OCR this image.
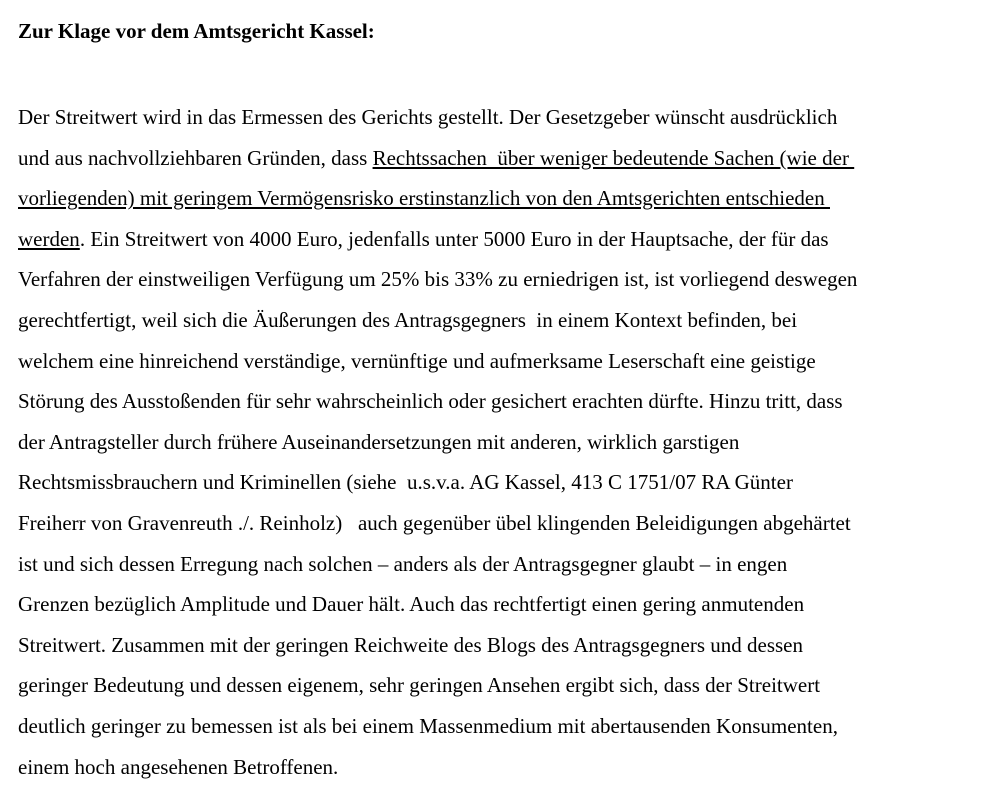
Zur Klage vor dem Amtsgericht Kassel:
Der Streitwert wird in das Ermessen des Gerichts gestellt. Der Gesetzgeber wünscht ausdrücklich
und aus nachvollziehbaren Gründen, dass Rechtssachen  über weniger bedeutende Sachen (wie der
vorliegenden) mit geringem Vermögensrisko erstinstanzlich von den Amtsgerichten entschieden
werden. Ein Streitwert von 4000 Euro, jedenfalls unter 5000 Euro in der Hauptsache, der für das
Verfahren der einstweiligen Verfügung um 25% bis 33% zu erniedrigen ist, ist vorliegend deswegen
gerechtfertigt, weil sich die Äußerungen des Antragsgegners  in einem Kontext befinden, bei
welchem eine hinreichend verständige, vernünftige und aufmerksame Leserschaft eine geistige
Störung des Ausstoßenden für sehr wahrscheinlich oder gesichert erachten dürfte. Hinzu tritt, dass
der Antragsteller durch frühere Auseinandersetzungen mit anderen, wirklich garstigen
Rechtsmissbrauchern und Kriminellen (siehe  u.s.v.a. AG Kassel, 413 C 1751/07 RA Günter
Freiherr von Gravenreuth ./. Reinholz)   auch gegenüber übel klingenden Beleidigungen abgehärtet
ist und sich dessen Erregung nach solchen – anders als der Antragsgegner glaubt – in engen
Grenzen bezüglich Amplitude und Dauer hält. Auch das rechtfertigt einen gering anmutenden
Streitwert. Zusammen mit der geringen Reichweite des Blogs des Antragsgegners und dessen
geringer Bedeutung und dessen eigenem, sehr geringen Ansehen ergibt sich, dass der Streitwert
deutlich geringer zu bemessen ist als bei einem Massenmedium mit abertausenden Konsumenten,
einem hoch angesehenen Betroffenen.
